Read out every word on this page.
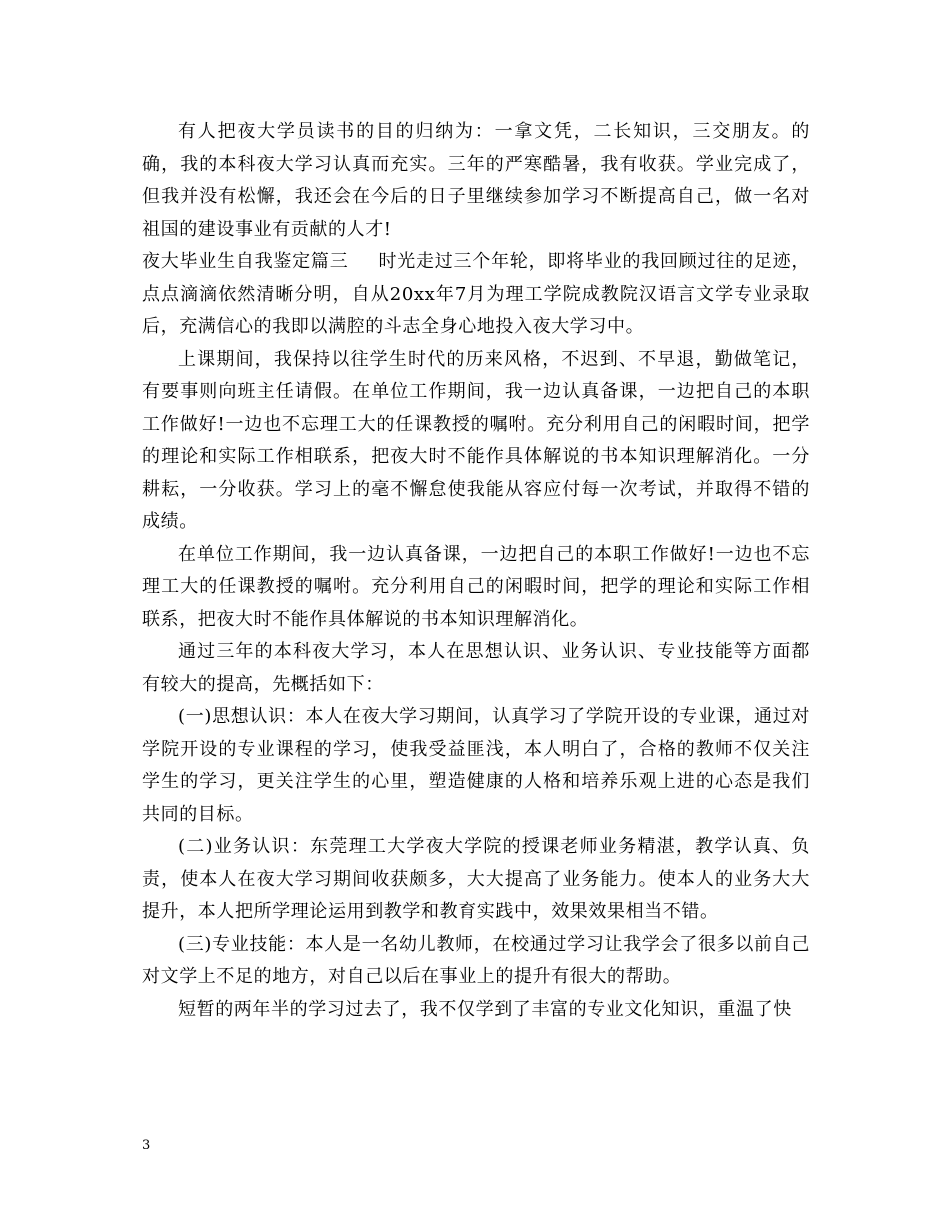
有人把夜大学员读书的目的归纳为：一拿文凭，二长知识，三交朋友。的确，我的本科夜大学习认真而充实。三年的严寒酷暑，我有收获。学业完成了，但我并没有松懈，我还会在今后的日子里继续参加学习不断提高自己，做一名对祖国的建设事业有贡献的人才!

夜大毕业生自我鉴定篇三 时光走过三个年轮，即将毕业的我回顾过往的足迹，点点滴滴依然清晰分明，自从20xx年7月为理工学院成教院汉语言文学专业录取后，充满信心的我即以满腔的斗志全身心地投入夜大学习中。

上课期间，我保持以往学生时代的历来风格，不迟到、不早退，勤做笔记，有要事则向班主任请假。在单位工作期间，我一边认真备课，一边把自己的本职工作做好!一边也不忘理工大的任课教授的嘱咐。充分利用自己的闲暇时间，把学的理论和实际工作相联系，把夜大时不能作具体解说的书本知识理解消化。一分耕耘，一分收获。学习上的毫不懈怠使我能从容应付每一次考试，并取得不错的成绩。

在单位工作期间，我一边认真备课，一边把自己的本职工作做好!一边也不忘理工大的任课教授的嘱咐。充分利用自己的闲暇时间，把学的理论和实际工作相联系，把夜大时不能作具体解说的书本知识理解消化。

通过三年的本科夜大学习，本人在思想认识、业务认识、专业技能等方面都有较大的提高，先概括如下：

(一)思想认识：本人在夜大学习期间，认真学习了学院开设的专业课，通过对学院开设的专业课程的学习，使我受益匪浅，本人明白了，合格的教师不仅关注学生的学习，更关注学生的心里，塑造健康的人格和培养乐观上进的心态是我们共同的目标。

(二)业务认识：东莞理工大学夜大学院的授课老师业务精湛，教学认真、负责，使本人在夜大学习期间收获颇多，大大提高了业务能力。使本人的业务大大提升，本人把所学理论运用到教学和教育实践中，效果效果相当不错。

(三)专业技能：本人是一名幼儿教师，在校通过学习让我学会了很多以前自己对文学上不足的地方，对自己以后在事业上的提升有很大的帮助。

短暂的两年半的学习过去了，我不仅学到了丰富的专业文化知识，重温了快

3
